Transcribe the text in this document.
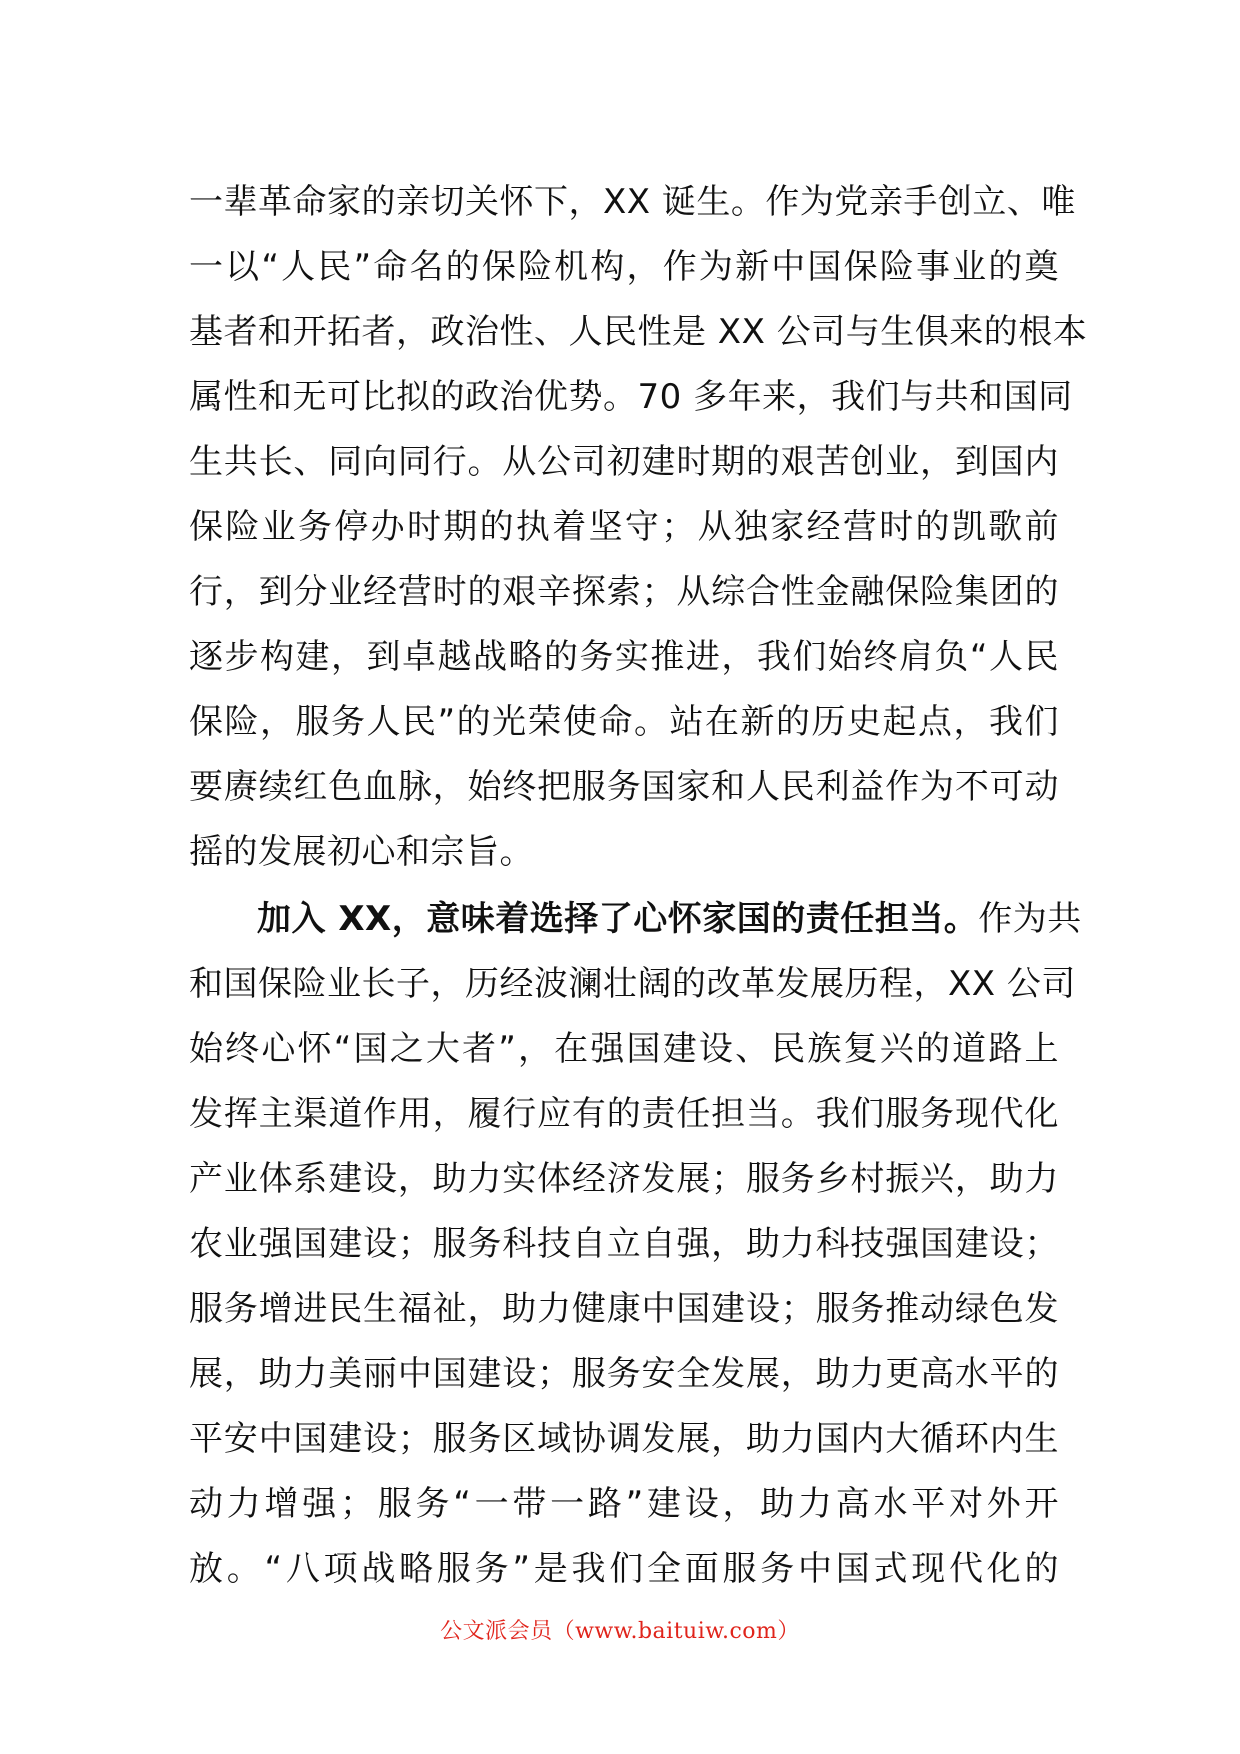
一辈革命家的亲切关怀下，XX 诞生。作为党亲手创立、唯
一以“人民”命名的保险机构，作为新中国保险事业的奠
基者和开拓者，政治性、人民性是 XX 公司与生俱来的根本
属性和无可比拟的政治优势。70 多年来，我们与共和国同
生共长、同向同行。从公司初建时期的艰苦创业，到国内
保险业务停办时期的执着坚守；从独家经营时的凯歌前
行，到分业经营时的艰辛探索；从综合性金融保险集团的
逐步构建，到卓越战略的务实推进，我们始终肩负“人民
保险，服务人民”的光荣使命。站在新的历史起点，我们
要赓续红色血脉，始终把服务国家和人民利益作为不可动
摇的发展初心和宗旨。
加入 XX，意味着选择了心怀家国的责任担当。作为共
和国保险业长子，历经波澜壮阔的改革发展历程，XX 公司
始终心怀“国之大者”，在强国建设、民族复兴的道路上
发挥主渠道作用，履行应有的责任担当。我们服务现代化
产业体系建设，助力实体经济发展；服务乡村振兴，助力
农业强国建设；服务科技自立自强，助力科技强国建设；
服务增进民生福祉，助力健康中国建设；服务推动绿色发
展，助力美丽中国建设；服务安全发展，助力更高水平的
平安中国建设；服务区域协调发展，助力国内大循环内生
动力增强；服务“一带一路”建设，助力高水平对外开
放。“八项战略服务”是我们全面服务中国式现代化的
公文派会员（www.baituiw.com）
